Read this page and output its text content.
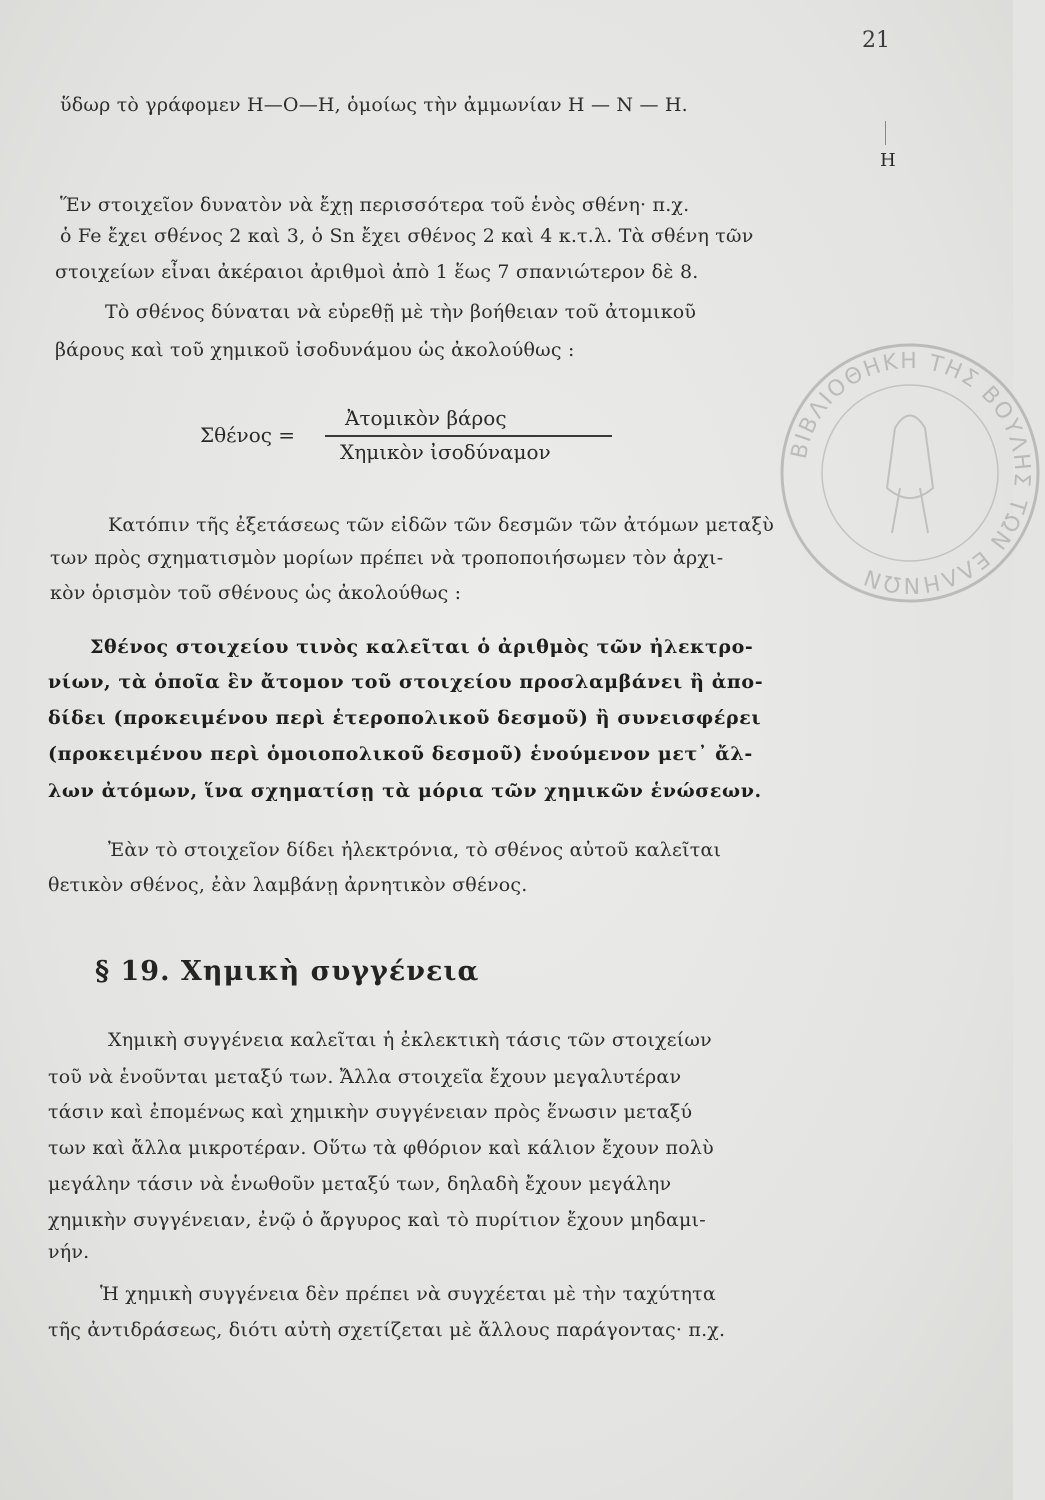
21
ὕδωρ τὸ γράφομεν H—O—H, ὁμοίως τὴν ἀμμωνίαν H — N — H.
H
Ἕν στοιχεῖον δυνατὸν νὰ ἔχῃ περισσότερα τοῦ ἑνὸς σθένη· π.χ.
ὁ Fe ἔχει σθένος 2 καὶ 3, ὁ Sn ἔχει σθένος 2 καὶ 4 κ.τ.λ. Τὰ σθένη τῶν
στοιχείων εἶναι ἀκέραιοι ἀριθμοὶ ἀπὸ 1 ἕως 7 σπανιώτερον δὲ 8.
Τὸ σθένος δύναται νὰ εὑρεθῇ μὲ τὴν βοήθειαν τοῦ ἀτομικοῦ
βάρους καὶ τοῦ χημικοῦ ἰσοδυνάμου ὡς ἀκολούθως :
Σθένος =
Ἀτομικὸν βάρος
Χημικὸν ἰσοδύναμον
Κατόπιν τῆς ἐξετάσεως τῶν εἰδῶν τῶν δεσμῶν τῶν ἀτόμων μεταξὺ
των πρὸς σχηματισμὸν μορίων πρέπει νὰ τροποποιήσωμεν τὸν ἀρχι-
κὸν ὁρισμὸν τοῦ σθένους ὡς ἀκολούθως :
Σθένος στοιχείου τινὸς καλεῖται ὁ ἀριθμὸς τῶν ἠλεκτρο-
νίων, τὰ ὁποῖα ἓν ἄτομον τοῦ στοιχείου προσλαμβάνει ἢ ἀπο-
δίδει (προκειμένου περὶ ἑτεροπολικοῦ δεσμοῦ) ἢ συνεισφέρει
(προκειμένου περὶ ὁμοιοπολικοῦ δεσμοῦ) ἑνούμενον μετ᾽ ἄλ-
λων ἀτόμων, ἵνα σχηματίσῃ τὰ μόρια τῶν χημικῶν ἑνώσεων.
Ἐὰν τὸ στοιχεῖον δίδει ἠλεκτρόνια, τὸ σθένος αὐτοῦ καλεῖται
θετικὸν σθένος, ἐὰν λαμβάνῃ ἀρνητικὸν σθένος.
§ 19. Χημικὴ συγγένεια
Χημικὴ συγγένεια καλεῖται ἡ ἐκλεκτικὴ τάσις τῶν στοιχείων
τοῦ νὰ ἑνοῦνται μεταξύ των. Ἄλλα στοιχεῖα ἔχουν μεγαλυτέραν
τάσιν καὶ ἐπομένως καὶ χημικὴν συγγένειαν πρὸς ἕνωσιν μεταξύ
των καὶ ἄλλα μικροτέραν. Οὕτω τὰ φθόριον καὶ κάλιον ἔχουν πολὺ
μεγάλην τάσιν νὰ ἑνωθοῦν μεταξύ των, δηλαδὴ ἔχουν μεγάλην
χημικὴν συγγένειαν, ἐνῷ ὁ ἄργυρος καὶ τὸ πυρίτιον ἔχουν μηδαμι-
νήν.
Ἡ χημικὴ συγγένεια δὲν πρέπει νὰ συγχέεται μὲ τὴν ταχύτητα
τῆς ἀντιδράσεως, διότι αὐτὴ σχετίζεται μὲ ἄλλους παράγοντας· π.χ.
ΒΙΒΛΙΟΘΗΚΗ ΤΗΣ ΒΟΥΛΗΣ ΤΩΝ ΕΛΛΗΝΩΝ
